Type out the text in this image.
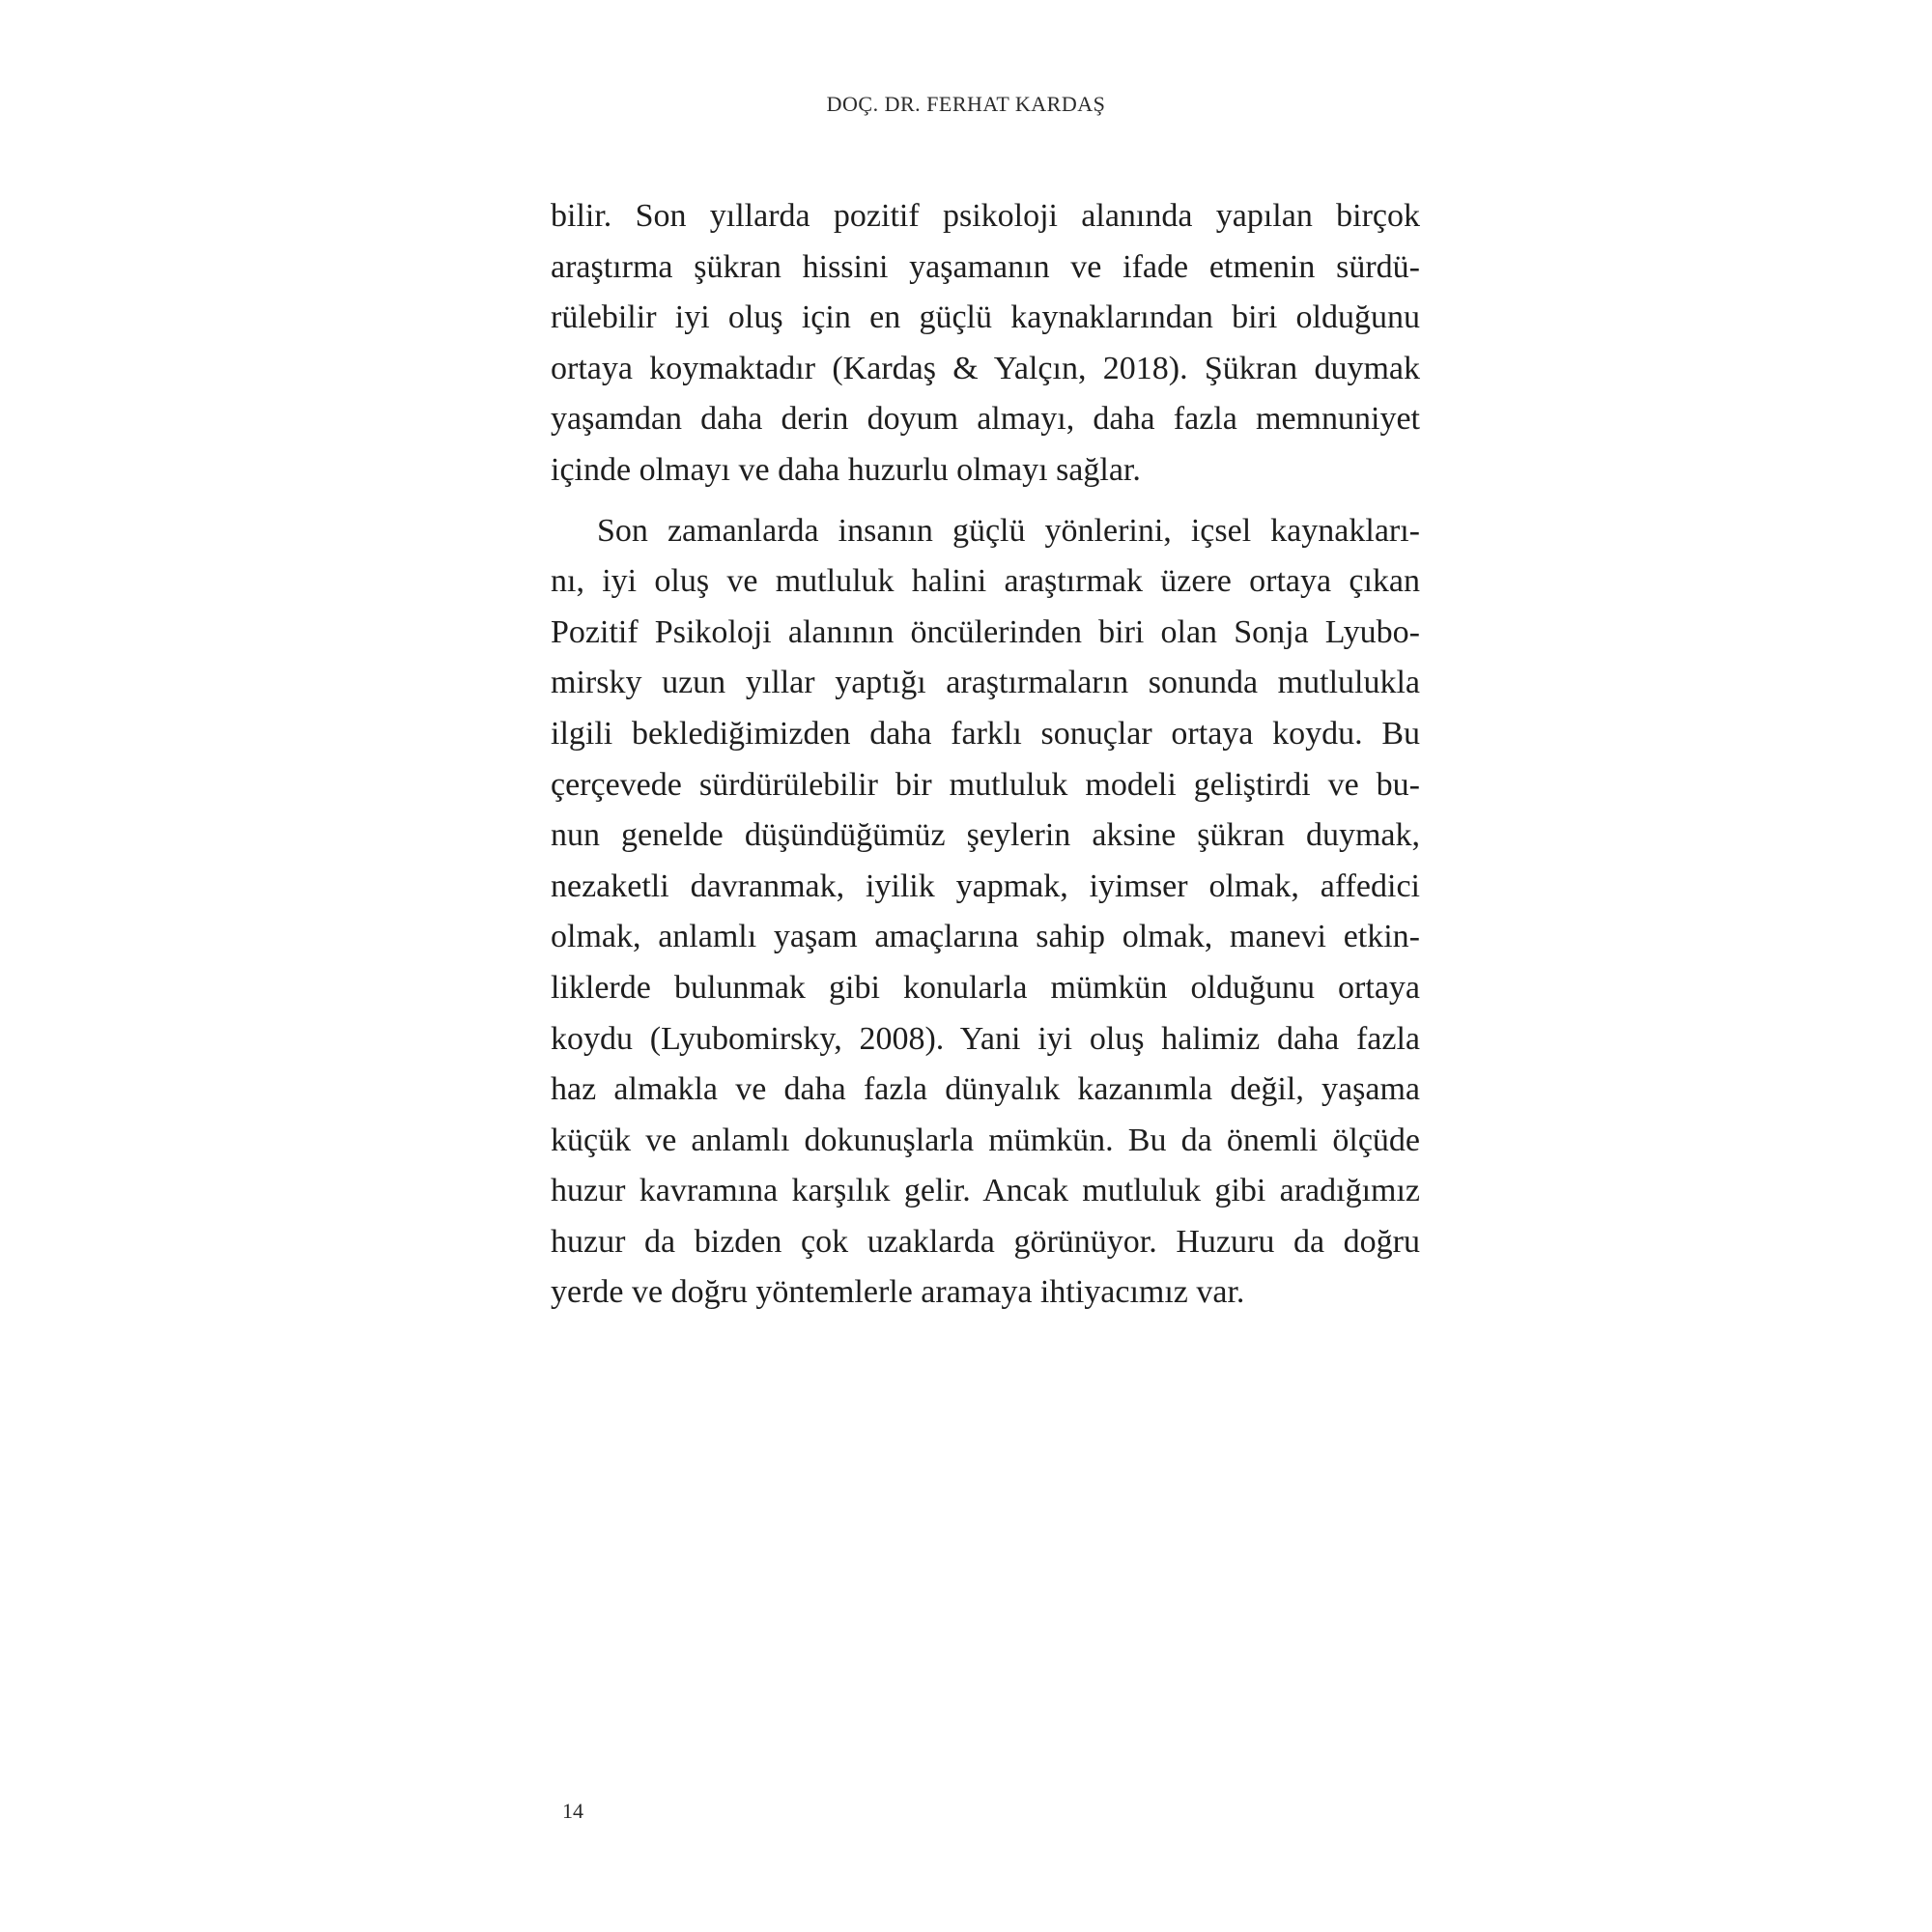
DOÇ. DR. FERHAT KARDAŞ

bilir. Son yıllarda pozitif psikoloji alanında yapılan birçok
araştırma şükran hissini yaşamanın ve ifade etmenin sürdü-
rülebilir iyi oluş için en güçlü kaynaklarından biri olduğunu
ortaya koymaktadır (Kardaş & Yalçın, 2018). Şükran duymak
yaşamdan daha derin doyum almayı, daha fazla memnuniyet
içinde olmayı ve daha huzurlu olmayı sağlar.
Son zamanlarda insanın güçlü yönlerini, içsel kaynakları-
nı, iyi oluş ve mutluluk halini araştırmak üzere ortaya çıkan
Pozitif Psikoloji alanının öncülerinden biri olan Sonja Lyubo-
mirsky uzun yıllar yaptığı araştırmaların sonunda mutlulukla
ilgili beklediğimizden daha farklı sonuçlar ortaya koydu. Bu
çerçevede sürdürülebilir bir mutluluk modeli geliştirdi ve bu-
nun genelde düşündüğümüz şeylerin aksine şükran duymak,
nezaketli davranmak, iyilik yapmak, iyimser olmak, affedici
olmak, anlamlı yaşam amaçlarına sahip olmak, manevi etkin-
liklerde bulunmak gibi konularla mümkün olduğunu ortaya
koydu (Lyubomirsky, 2008). Yani iyi oluş halimiz daha fazla
haz almakla ve daha fazla dünyalık kazanımla değil, yaşama
küçük ve anlamlı dokunuşlarla mümkün. Bu da önemli ölçüde
huzur kavramına karşılık gelir. Ancak mutluluk gibi aradığımız
huzur da bizden çok uzaklarda görünüyor. Huzuru da doğru
yerde ve doğru yöntemlerle aramaya ihtiyacımız var.

14
